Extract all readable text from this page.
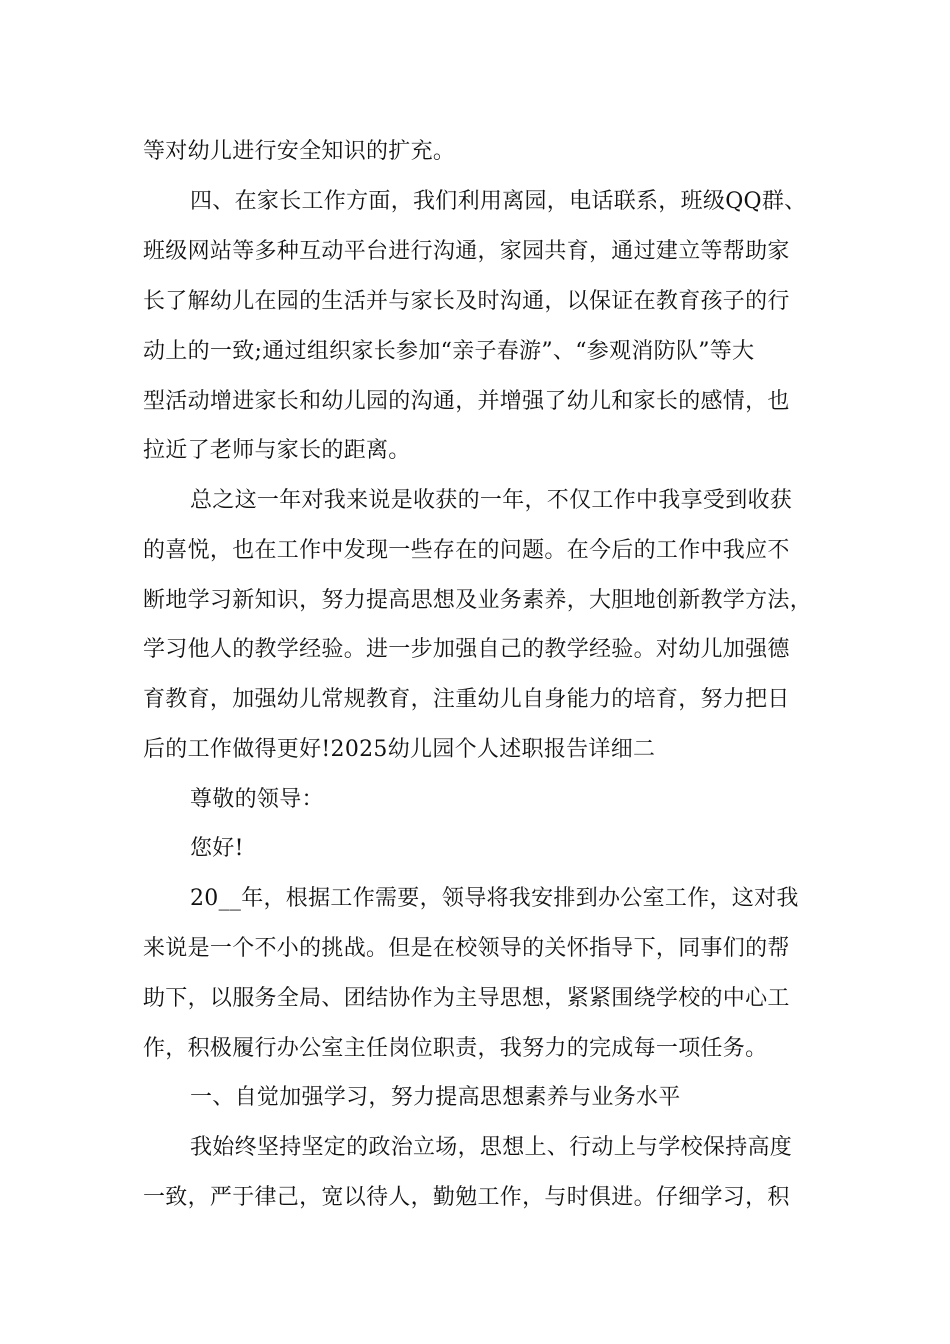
等对幼儿进行安全知识的扩充。
四、在家长工作方面，我们利用离园，电话联系，班级QQ群、
班级网站等多种互动平台进行沟通，家园共育，通过建立等帮助家
长了解幼儿在园的生活并与家长及时沟通，以保证在教育孩子的行
动上的一致;通过组织家长参加“亲子春游”、“参观消防队”等大
型活动增进家长和幼儿园的沟通，并增强了幼儿和家长的感情，也
拉近了老师与家长的距离。
总之这一年对我来说是收获的一年，不仅工作中我享受到收获
的喜悦，也在工作中发现一些存在的问题。在今后的工作中我应不
断地学习新知识，努力提高思想及业务素养，大胆地创新教学方法，
学习他人的教学经验。进一步加强自己的教学经验。对幼儿加强德
育教育，加强幼儿常规教育，注重幼儿自身能力的培育，努力把日
后的工作做得更好!2025幼儿园个人述职报告详细二
尊敬的领导：
您好!
20__年，根据工作需要，领导将我安排到办公室工作，这对我
来说是一个不小的挑战。但是在校领导的关怀指导下，同事们的帮
助下，以服务全局、团结协作为主导思想，紧紧围绕学校的中心工
作，积极履行办公室主任岗位职责，我努力的完成每一项任务。
一、自觉加强学习，努力提高思想素养与业务水平
我始终坚持坚定的政治立场，思想上、行动上与学校保持高度
一致，严于律己，宽以待人，勤勉工作，与时俱进。仔细学习，积
